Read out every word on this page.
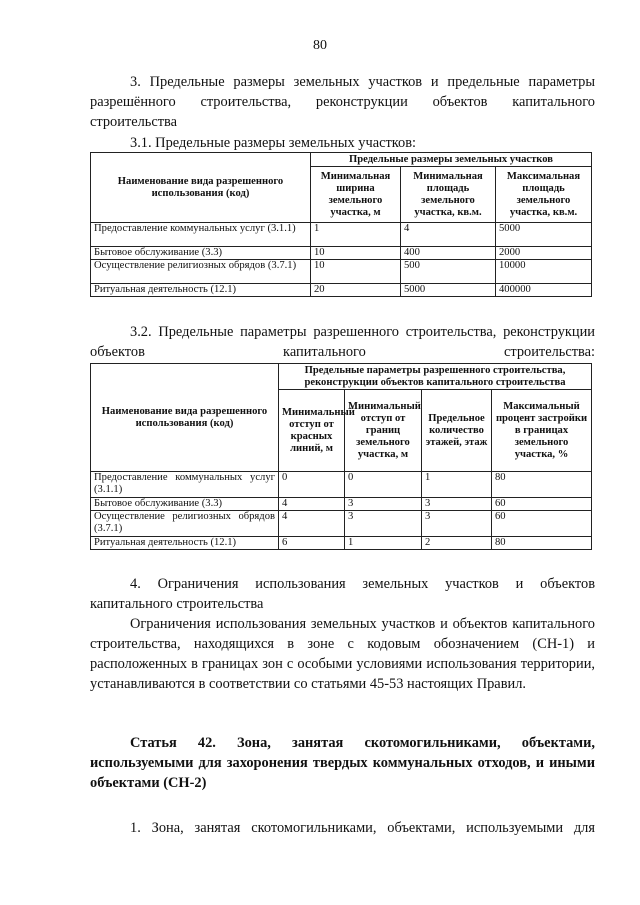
80

3. Предельные размеры земельных участков и предельные параметры разрешённого строительства, реконструкции объектов капитального строительства

3.1. Предельные размеры земельных участков:

Наименование вида разрешенного использования (код)	Предельные размеры земельных участков		
	Минимальная ширина земельного участка, м	Минимальная площадь земельного участка, кв.м.	Максимальная площадь земельного участка, кв.м.
Предоставление коммунальных услуг (3.1.1)	1	4	5000
Бытовое обслуживание (3.3)	10	400	2000
Осуществление религиозных обрядов (3.7.1)	10	500	10000
Ритуальная деятельность (12.1)	20	5000	400000

3.2. Предельные параметры разрешенного строительства, реконструкции объектов капитального строительства:

Наименование вида разрешенного использования (код)	Предельные параметры разрешенного строительства, реконструкции объектов капитального строительства			
	Минимальный отступ от красных линий, м	Минимальный отступ от границ земельного участка, м	Предельное количество этажей, этаж	Максимальный процент застройки в границах земельного участка, %
Предоставление коммунальных услуг (3.1.1)	0	0	1	80
Бытовое обслуживание (3.3)	4	3	3	60
Осуществление религиозных обрядов (3.7.1)	4	3	3	60
Ритуальная деятельность (12.1)	6	1	2	80

4. Ограничения использования земельных участков и объектов капитального строительства

Ограничения использования земельных участков и объектов капитального строительства, находящихся в зоне с кодовым обозначением (СН-1) и расположенных в границах зон с особыми условиями использования территории, устанавливаются в соответствии со статьями 45-53 настоящих Правил.

Статья 42. Зона, занятая скотомогильниками, объектами, используемыми для захоронения твердых коммунальных отходов, и иными объектами (СН-2)

1. Зона, занятая скотомогильниками, объектами, используемыми для
